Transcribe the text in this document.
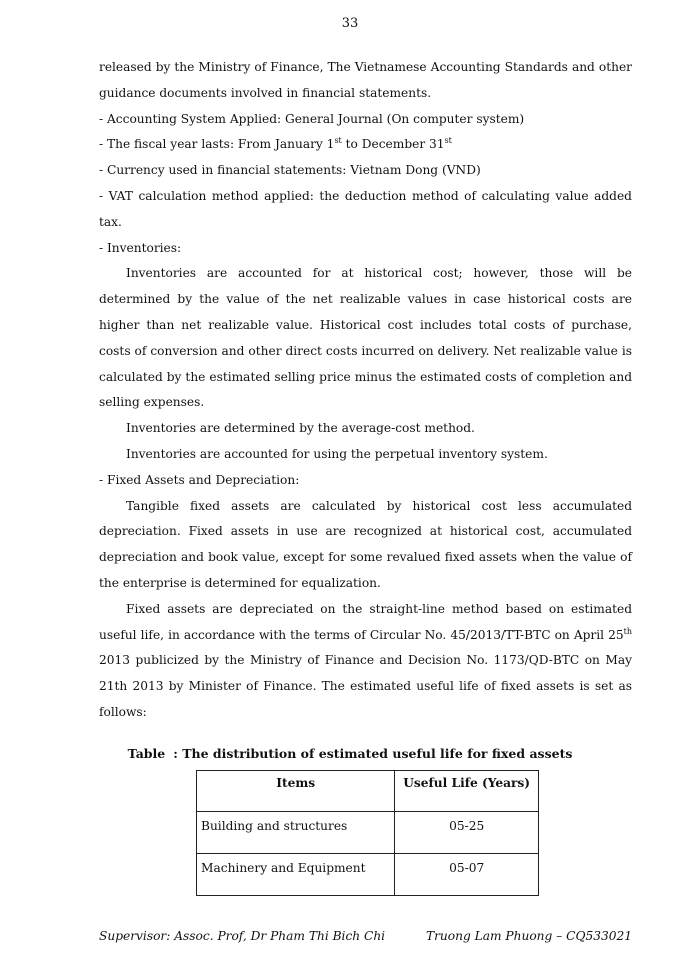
33

released by the Ministry of Finance, The Vietnamese Accounting Standards and other guidance documents involved in financial statements.

- Accounting System Applied: General Journal (On computer system)

- The fiscal year lasts: From January 1st to December 31st

- Currency used in financial statements: Vietnam Dong (VND)

- VAT calculation method applied: the deduction method of calculating value added tax.

- Inventories:

Inventories are accounted for at historical cost; however, those will be determined by the value of the net realizable values in case historical costs are higher than net realizable value. Historical cost includes total costs of purchase, costs of conversion and other direct costs incurred on delivery. Net realizable value is calculated by the estimated selling price minus the estimated costs of completion and selling expenses.

Inventories are determined by the average-cost method.

Inventories are accounted for using the perpetual inventory system.

- Fixed Assets and Depreciation:

Tangible fixed assets are calculated by historical cost less accumulated depreciation. Fixed assets in use are recognized at historical cost, accumulated depreciation and book value, except for some revalued fixed assets when the value of the enterprise is determined for equalization.

Fixed assets are depreciated on the straight-line method based on estimated useful life, in accordance with the terms of Circular No. 45/2013/TT-BTC on April 25th 2013 publicized by the Ministry of Finance and Decision No. 1173/QD-BTC on May 21th 2013 by Minister of Finance. The estimated useful life of fixed assets is set as follows:

Table : The distribution of estimated useful life for fixed assets
Items	Useful Life (Years)
Building and structures	05-25
Machinery and Equipment	05-07
Supervisor: Assoc. Prof, Dr Pham Thi Bich Chi	Truong Lam Phuong – CQ533021
